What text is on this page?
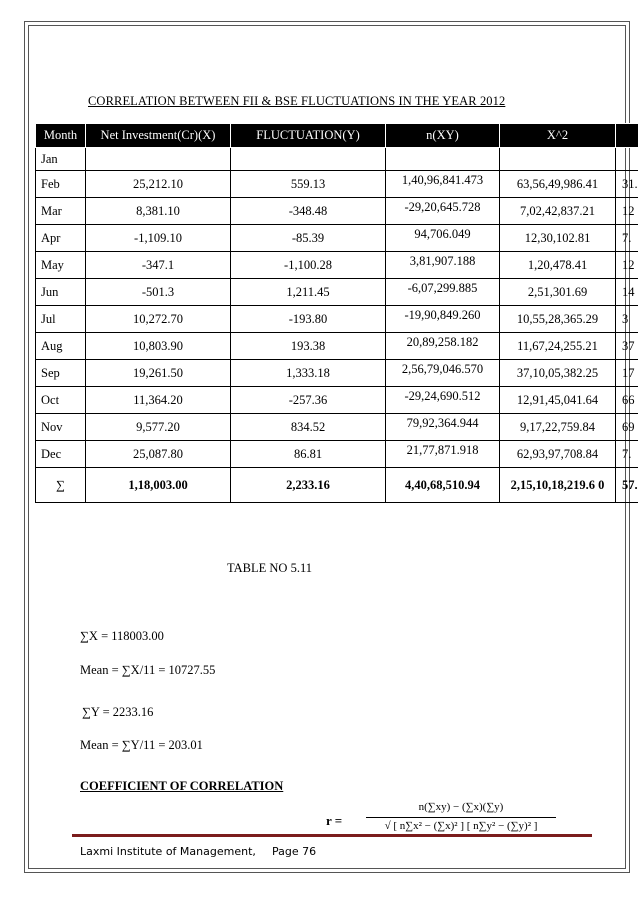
CORRELATION BETWEEN FII & BSE FLUCTUATIONS IN THE YEAR 2012
Month	Net Investment(Cr)(X)	FLUCTUATION(Y)	n(XY)	X^2	
Jan					
Feb	25,212.10	559.13	1,40,96,841.473	63,56,49,986.41	31.
Mar	8,381.10	-348.48	-29,20,645.728	7,02,42,837.21	12
Apr	-1,109.10	-85.39	94,706.049	12,30,102.81	7.
May	-347.1	-1,100.28	3,81,907.188	1,20,478.41	12
Jun	-501.3	1,211.45	-6,07,299.885	2,51,301.69	14
Jul	10,272.70	-193.80	-19,90,849.260	10,55,28,365.29	3
Aug	10,803.90	193.38	20,89,258.182	11,67,24,255.21	37
Sep	19,261.50	1,333.18	2,56,79,046.570	37,10,05,382.25	17
Oct	11,364.20	-257.36	-29,24,690.512	12,91,45,041.64	66
Nov	9,577.20	834.52	79,92,364.944	9,17,22,759.84	69
Dec	25,087.80	86.81	21,77,871.918	62,93,97,708.84	7.
∑	1,18,003.00	2,233.16	4,40,68,510.94	2,15,10,18,219.6 0	57.
TABLE NO 5.11
∑X = 118003.00
Mean = ∑X/11 = 10727.55
∑Y = 2233.16
Mean = ∑Y/11 = 203.01
COEFFICIENT OF CORRELATION
r =
n(∑xy) − (∑x)(∑y)
√ [ n∑x² − (∑x)² ] [ n∑y² − (∑y)² ]
Laxmi Institute of Management, Page 76
